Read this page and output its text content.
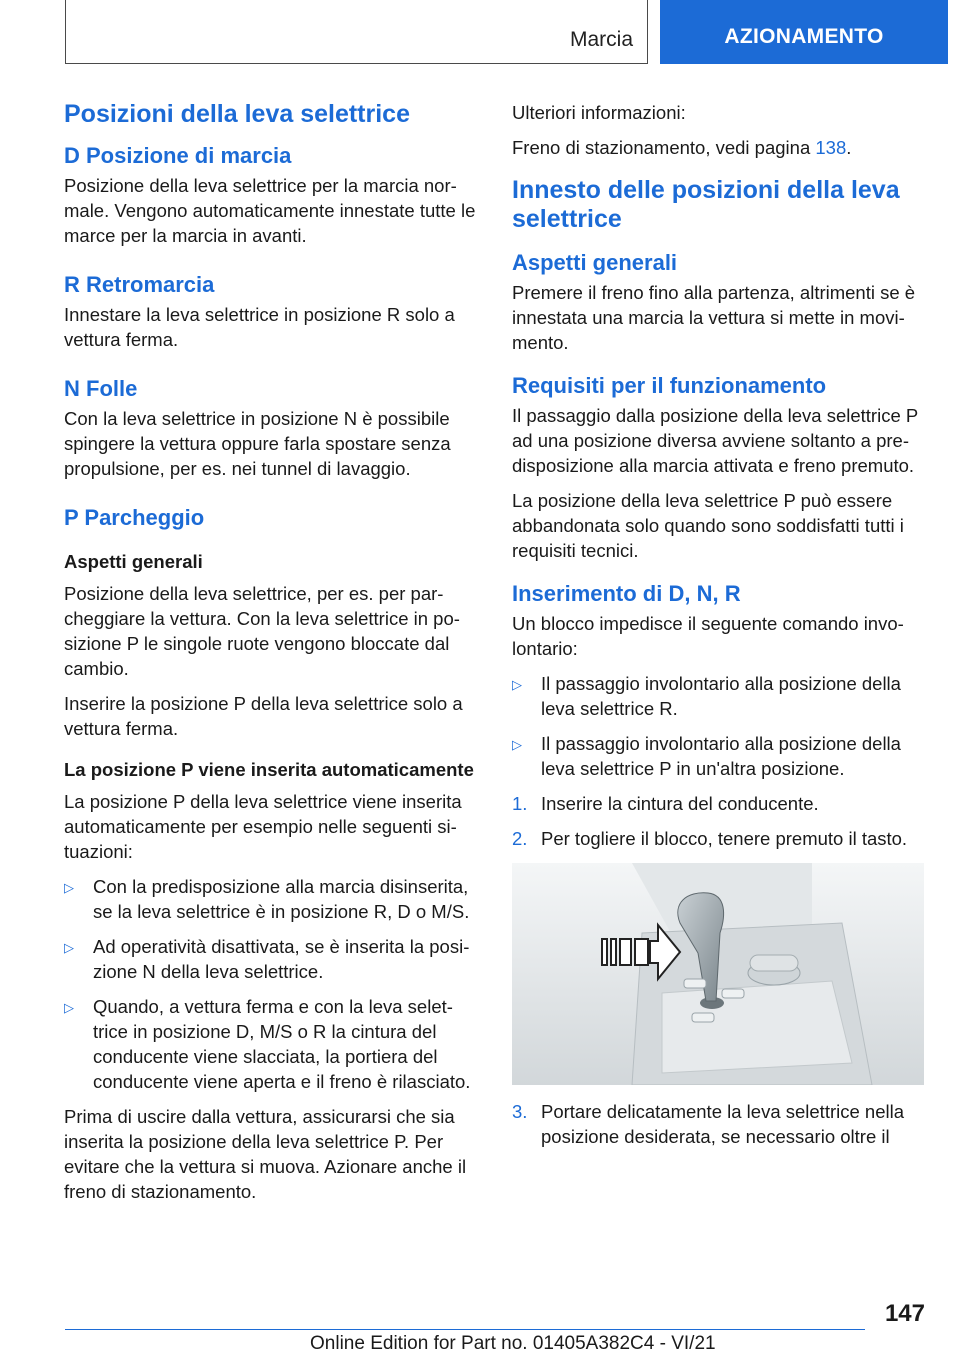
Marcia	AZIONAMENTO
Posizioni della leva selettrice
D Posizione di marcia
Posizione della leva selettrice per la marcia normale. Vengono automaticamente innestate tutte le marce per la marcia in avanti.
R Retromarcia
Innestare la leva selettrice in posizione R solo a vettura ferma.
N Folle
Con la leva selettrice in posizione N è possibile spingere la vettura oppure farla spostare senza propulsione, per es. nei tunnel di lavaggio.
P Parcheggio
Aspetti generali
Posizione della leva selettrice, per es. per parcheggiare la vettura. Con la leva selettrice in posizione P le singole ruote vengono bloccate dal cambio.
Inserire la posizione P della leva selettrice solo a vettura ferma.
La posizione P viene inserita automaticamente
La posizione P della leva selettrice viene inserita automaticamente per esempio nelle seguenti situazioni:
▷ Con la predisposizione alla marcia disinserita, se la leva selettrice è in posizione R, D o M/S.
▷ Ad operatività disattivata, se è inserita la posizione N della leva selettrice.
▷ Quando, a vettura ferma e con la leva selettrice in posizione D, M/S o R la cintura del conducente viene slacciata, la portiera del conducente viene aperta e il freno è rilasciato.
Prima di uscire dalla vettura, assicurarsi che sia inserita la posizione della leva selettrice P. Per evitare che la vettura si muova. Azionare anche il freno di stazionamento.
Ulteriori informazioni:
Freno di stazionamento, vedi pagina 138.
Innesto delle posizioni della leva selettrice
Aspetti generali
Premere il freno fino alla partenza, altrimenti se è innestata una marcia la vettura si mette in movimento.
Requisiti per il funzionamento
Il passaggio dalla posizione della leva selettrice P ad una posizione diversa avviene soltanto a predisposizione alla marcia attivata e freno premuto.
La posizione della leva selettrice P può essere abbandonata solo quando sono soddisfatti tutti i requisiti tecnici.
Inserimento di D, N, R
Un blocco impedisce il seguente comando involontario:
▷ Il passaggio involontario alla posizione della leva selettrice R.
▷ Il passaggio involontario alla posizione della leva selettrice P in un'altra posizione.
1. Inserire la cintura del conducente.
2. Per togliere il blocco, tenere premuto il tasto.
3. Portare delicatamente la leva selettrice nella posizione desiderata, se necessario oltre il
147
Online Edition for Part no. 01405A382C4 - VI/21
